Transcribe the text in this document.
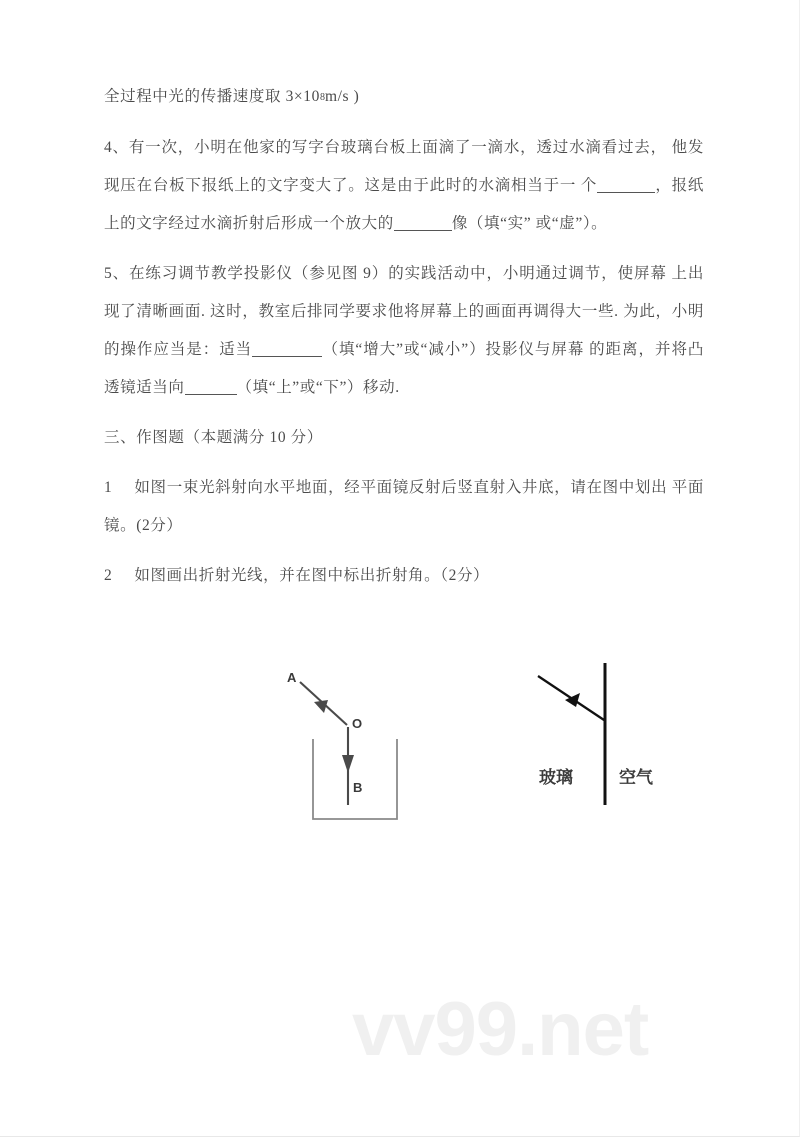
全过程中光的传播速度取 3×108m/s )

4、有一次，小明在他家的写字台玻璃台板上面滴了一滴水，透过水滴看过去， 他发现压在台板下报纸上的文字变大了。这是由于此时的水滴相当于一 个	，报纸上的文字经过水滴折射后形成一个放大的	像（填“实” 或“虚”）。

5、在练习调节教学投影仪（参见图 9）的实践活动中，小明通过调节，使屏幕 上出现了清晰画面. 这时，教室后排同学要求他将屏幕上的画面再调得大一些. 为此，小明的操作应当是：适当	（填“增大”或“减小”）投影仪与屏幕 的距离，并将凸透镜适当向	（填“上”或“下”）移动.

三、作图题（本题满分 10 分）

1 如图一束光斜射向水平地面，经平面镜反射后竖直射入井底，请在图中划出 平面镜。(2分）

2 如图画出折射光线，并在图中标出折射角。（2分）

A
O
B
玻璃	空气
vv99.net
